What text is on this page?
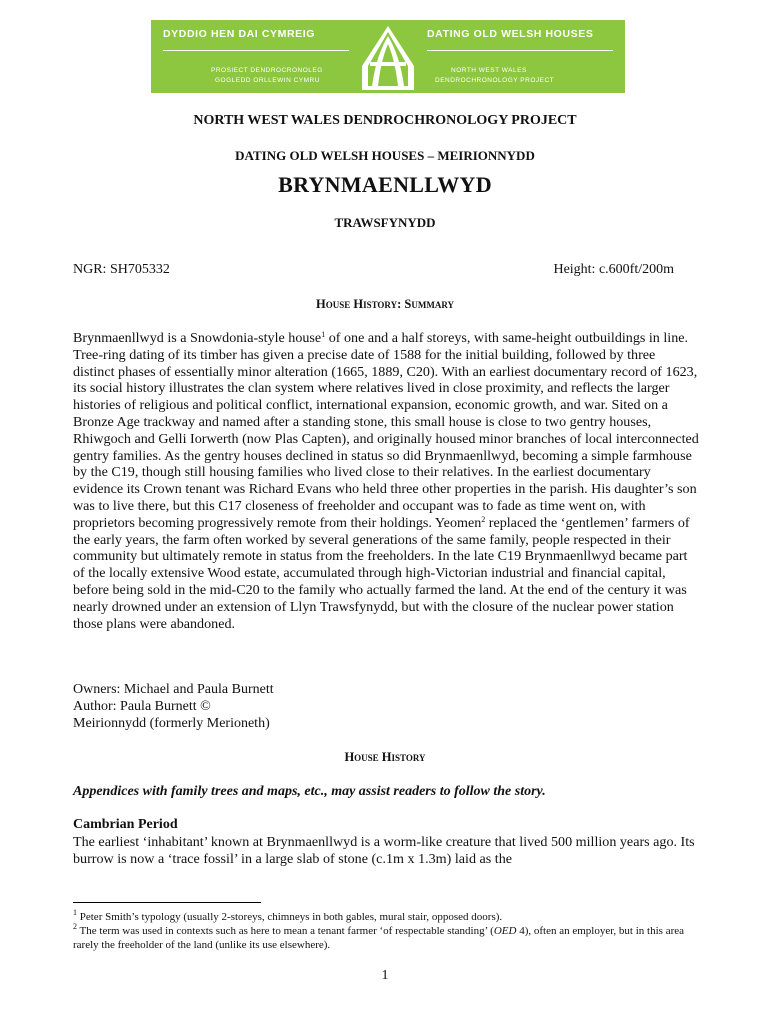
DYDDIO HEN DAI CYMREIG	DATING OLD WELSH HOUSES
PROSIECT DENDROCRONOLEG
GOGLEDD ORLLEWIN CYMRU
NORTH WEST WALES
DENDROCHRONOLOGY PROJECT
NORTH WEST WALES DENDROCHRONOLOGY PROJECT
DATING OLD WELSH HOUSES – MEIRIONNYDD
BRYNMAENLLWYD
TRAWSFYNYDD
NGR: SH705332	Height: c.600ft/200m
House History: Summary
Brynmaenllwyd is a Snowdonia-style house$^1$ of one and a half storeys, with same-height outbuildings in line. Tree-ring dating of its timber has given a precise date of 1588 for the initial building, followed by three distinct phases of essentially minor alteration (1665, 1889, C20). With an earliest documentary record of 1623, its social history illustrates the clan system where relatives lived in close proximity, and reflects the larger histories of religious and political conflict, international expansion, economic growth, and war. Sited on a Bronze Age trackway and named after a standing stone, this small house is close to two gentry houses, Rhiwgoch and Gelli Iorwerth (now Plas Capten), and originally housed minor branches of local interconnected gentry families. As the gentry houses declined in status so did Brynmaenllwyd, becoming a simple farmhouse by the C19, though still housing families who lived close to their relatives. In the earliest documentary evidence its Crown tenant was Richard Evans who held three other properties in the parish. His daughter’s son was to live there, but this C17 closeness of freeholder and occupant was to fade as time went on, with proprietors becoming progressively remote from their holdings. Yeomen$^2$ replaced the ‘gentlemen’ farmers of the early years, the farm often worked by several generations of the same family, people respected in their community but ultimately remote in status from the freeholders. In the late C19 Brynmaenllwyd became part of the locally extensive Wood estate, accumulated through high-Victorian industrial and financial capital, before being sold in the mid-C20 to the family who actually farmed the land. At the end of the century it was nearly drowned under an extension of Llyn Trawsfynydd, but with the closure of the nuclear power station those plans were abandoned.
Owners: Michael and Paula Burnett
Author: Paula Burnett ©
Meirionnydd (formerly Merioneth)
House History
Appendices with family trees and maps, etc., may assist readers to follow the story.
Cambrian Period
The earliest ‘inhabitant’ known at Brynmaenllwyd is a worm-like creature that lived 500 million years ago. Its burrow is now a ‘trace fossil’ in a large slab of stone (c.1m x 1.3m) laid as the
$^1$ Peter Smith’s typology (usually 2-storeys, chimneys in both gables, mural stair, opposed doors).
$^2$ The term was used in contexts such as here to mean a tenant farmer ‘of respectable standing’ (OED 4), often an employer, but in this area rarely the freeholder of the land (unlike its use elsewhere).
1
